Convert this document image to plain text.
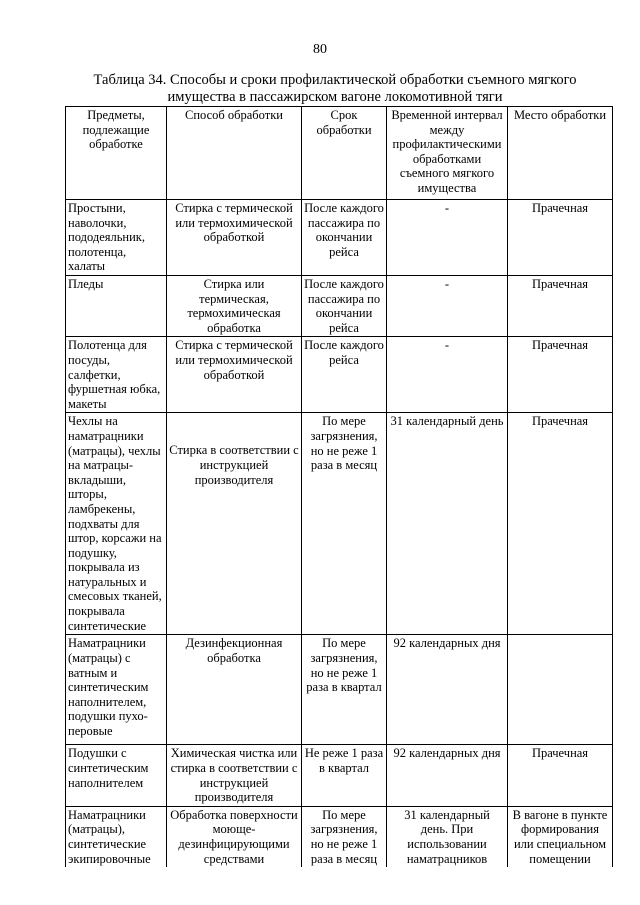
80
Таблица 34. Способы и сроки профилактической обработки съемного мягкого имущества в пассажирском вагоне локомотивной тяги
Предметы, подлежащие обработке	Способ обработки	Срок обработки	Временной интервал между профилактическими обработками съемного мягкого имущества	Место обработки
Простыни, наволочки, пододеяльник, полотенца, халаты	Стирка с термической или термохимической обработкой	После каждого пассажира по окончании рейса	-	Прачечная
Пледы	Стирка или термическая, термохимическая обработка	После каждого пассажира по окончании рейса	-	Прачечная
Полотенца для посуды, салфетки, фуршетная юбка, макеты	Стирка с термической или термохимической обработкой	После каждого рейса	-	Прачечная
Чехлы на наматрацники (матрацы), чехлы на матрацы-вкладыши, шторы, ламбрекены, подхваты для штор, корсажи на подушку, покрывала из натуральных и смесовых тканей, покрывала синтетические	Стирка в соответствии с инструкцией производителя	По мере загрязнения, но не реже 1 раза в месяц	31 календарный день	Прачечная
Наматрацники (матрацы) с ватным и синтетическим наполнителем, подушки пухо-перовые	Дезинфекционная обработка	По мере загрязнения, но не реже 1 раза в квартал	92 календарных дня	
Подушки с синтетическим наполнителем	Химическая чистка или стирка в соответствии с инструкцией производителя	Не реже 1 раза в квартал	92 календарных дня	Прачечная
Наматрацники (матрацы), синтетические экипировочные	Обработка поверхности моюще-дезинфицирующими средствами	По мере загрязнения, но не реже 1 раза в месяц	31 календарный день. При использовании наматрацников	В вагоне в пункте формирования или специальном помещении
